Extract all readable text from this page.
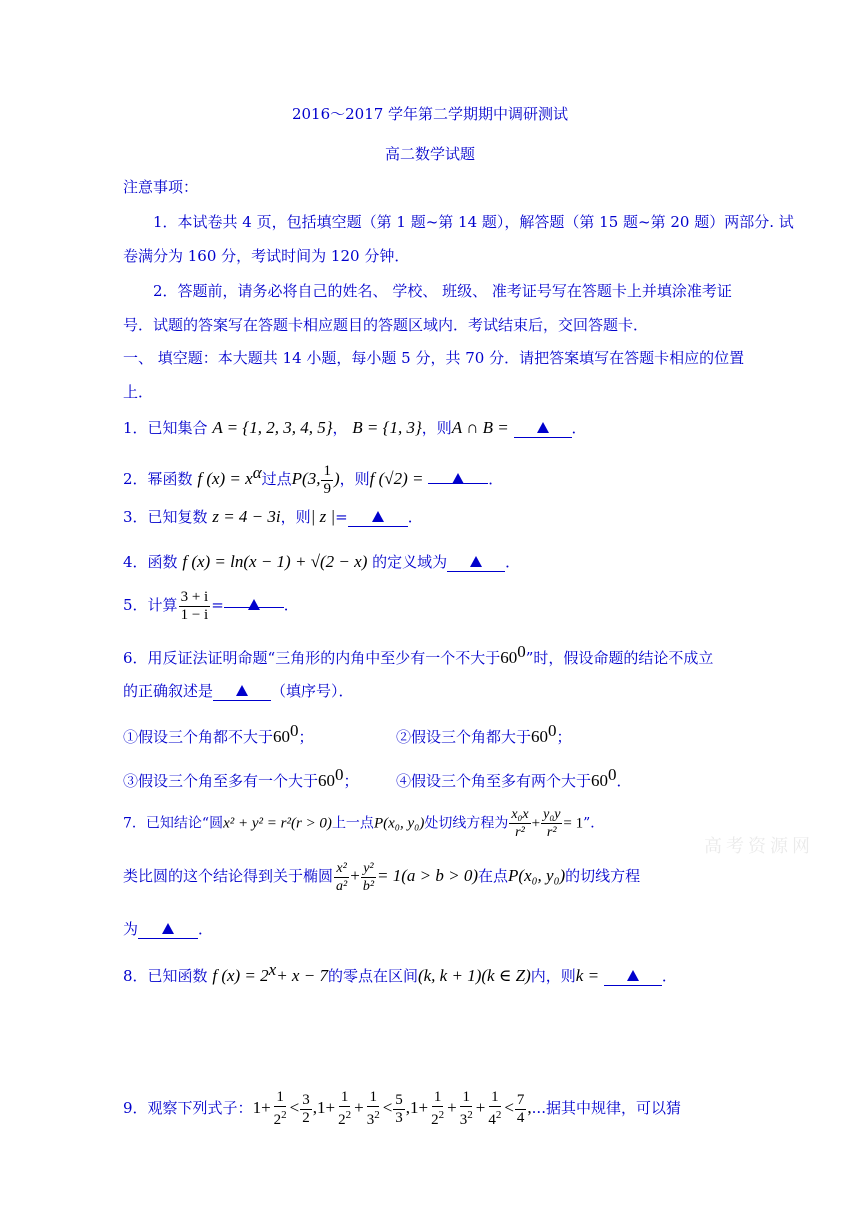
2016～2017 学年第二学期期中调研测试
高二数学试题
注意事项：
1．本试卷共 4 页，包括填空题（第 1 题~第 14 题），解答题（第 15 题~第 20 题）两部分. 试
卷满分为 160 分，考试时间为 120 分钟．
2．答题前，请务必将自己的姓名、 学校、 班级、 准考证号写在答题卡上并填涂准考证
号．试题的答案写在答题卡相应题目的答题区域内．考试结束后，交回答题卡．
一、 填空题：本大题共 14 小题，每小题 5 分，共 70 分．请把答案填写在答题卡相应的位置
上．
1．已知集合 A = {1, 2, 3, 4, 5}， B = {1, 3}，则A ∩ B =	．
2．幂函数 f $(x) = x^\alpha$过点P(3, $\frac{1}{9}$ )，则f (√2) =	．
3．已知复数 z = 4 − 3i，则| z |=	．
4．函数 f (x) = ln(x − 1) + √(2 − x) 的定义域为	．
5．计算 $\frac{3 + i}{1 - i}$ =	．
6．用反证法证明命题“三角形的内角中至少有一个不大于$60^0$”时，假设命题的结论不成立
的正确叙述是	（填序号）．
①假设三个角都不大于$60^0$；	②假设三个角都大于$60^0$；
③假设三个角至多有一个大于$60^0$； ④假设三个角至多有两个大于$60^0$．
7．已知结论“圆x² + y² = r²(r > 0)上一点P(x₀, y₀)处切线方程为 $\frac{\text{x₀x}}{\text{r²}} + \frac{\text{y₀y}}{\text{r²}} = 1$”．
类比圆的这个结论得到关于椭圆 $\frac{\text{x²}}{\text{a²}} + \frac{\text{y²}}{\text{b²}} = 1(a > b > 0)$在点P(x₀, y₀)的切线方程
为	．
8．已知函数 f $(x) = 2^x+ x - 7$的零点在区间(k, k + 1)(k ∈ Z)内，则k =	．
9．观察下列式子：$1+ \frac{1}{2^2} < \frac{3}{2} ,1+ \frac{1}{2^2} + \frac{1}{3^2} < \frac{5}{3} ,1+ \frac{1}{2^2} + \frac{1}{3^2} + \frac{1}{4^2} < \frac{7}{4}$ ,...据其中规律，可以猜
高考资源网
